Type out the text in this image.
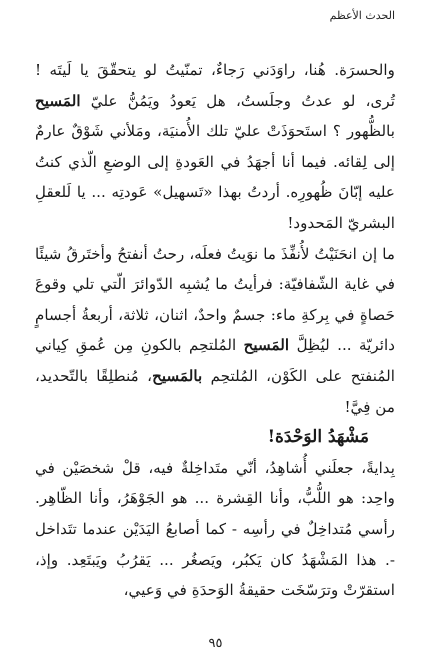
الحدث الأعظم

والحسرَة. هُنا، راوَدَني رَجاءٌ، تمنّيتُ لو يتحقّقَ يا لَيتَه ! تُرى، لو عدتُ وجلَستُ، هل يَعودُ ويَمُنُّ عليّ المَسيح بالظُّهور ؟ استَحوَذَتْ عليّ تلك الأُمنيَة، ومَلأني شَوْقٌ عارمٌ إلى لِقائه. فيما أنا أجهَدُ في العَودةِ إلى الوضعِ الّذي كنتُ عليه إبّانَ ظُهورِه. أردتُ بهذا «تَسهيل» عَودتِه ... يا لَلعقلِ البشريّ المَحدود!

ما إن انحَنَيْتُ لأُنفِّذَ ما نوَيتُ فعلَه، رحتُ أنفتحُ وأختَرقُ شيئًا في غاية الشّفافيّة: فرأيتُ ما يُشبِه الدّوائرَ الّتي تلي وقوعَ حَصاةٍ في بِركةِ ماء: جسمٌ واحدٌ، اثنان، ثلاثة، أربعةُ أجسامٍ دائريّة ... ليُظِلَّ المَسيح المُلتحِم بالكونِ مِن عُمقِ كِياني المُنفتح على الكَوْن، المُلتحِم بالمَسيح، مُنطلِقًا بالتّحديد، من فِيَّ!

مَشْهَدُ الوَحْدَة!

بِدايةً، جعلَني أُشاهِدُ، أنّي متَداخِلةٌ فيه، قلْ شخصَيْن في واحِد: هو اللُّبُّ، وأنا القِشرة ... هو الجَوْهَرُ، وأنا الظّاهِر. رأسي مُتداخِلٌ في رأسِه - كما أصابعُ اليَدَيْن عندما تتَداخل -. هذا المَشْهَدُ كان يَكبُر، ويَصغُر ... يَقرُبُ ويَبتَعِد. وإذ، استقرّتْ وترَسّخَت حقيقةُ الوَحدَةِ في وَعيي،

٩٥
